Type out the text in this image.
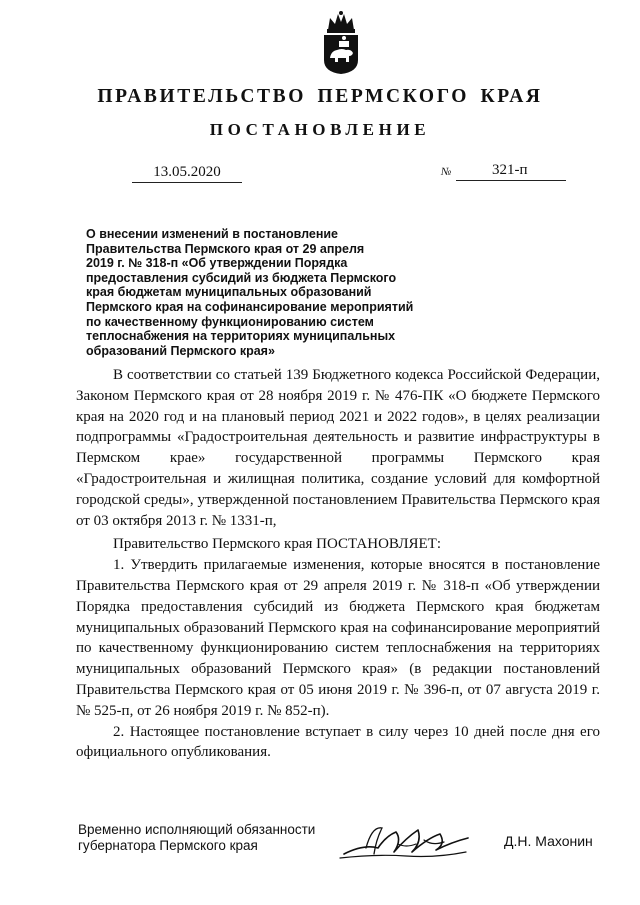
ПРАВИТЕЛЬСТВО ПЕРМСКОГО КРАЯ
ПОСТАНОВЛЕНИЕ
13.05.2020	№	321-п
О внесении изменений в постановление
Правительства Пермского края от 29 апреля
2019 г. № 318-п «Об утверждении Порядка
предоставления субсидий из бюджета Пермского
края бюджетам муниципальных образований
Пермского края на софинансирование мероприятий
по качественному функционированию систем
теплоснабжения на территориях муниципальных
образований Пермского края»

В соответствии со статьей 139 Бюджетного кодекса Российской Федерации, Законом Пермского края от 28 ноября 2019 г. № 476-ПК «О бюджете Пермского края на 2020 год и на плановый период 2021 и 2022 годов», в целях реализации подпрограммы «Градостроительная деятельность и развитие инфраструктуры в Пермском крае» государственной программы Пермского края «Градостроительная и жилищная политика, создание условий для комфортной городской среды», утвержденной постановлением Правительства Пермского края от 03 октября 2013 г. № 1331-п,

Правительство Пермского края ПОСТАНОВЛЯЕТ:

1. Утвердить прилагаемые изменения, которые вносятся в постановление Правительства Пермского края от 29 апреля 2019 г. № 318-п «Об утверждении Порядка предоставления субсидий из бюджета Пермского края бюджетам муниципальных образований Пермского края на софинансирование мероприятий по качественному функционированию систем теплоснабжения на территориях муниципальных образований Пермского края» (в редакции постановлений Правительства Пермского края от 05 июня 2019 г. № 396-п, от 07 августа 2019 г. № 525-п, от 26 ноября 2019 г. № 852-п).

2. Настоящее постановление вступает в силу через 10 дней после дня его официального опубликования.

Временно исполняющий обязанности
губернатора Пермского края	Д.Н. Махонин
